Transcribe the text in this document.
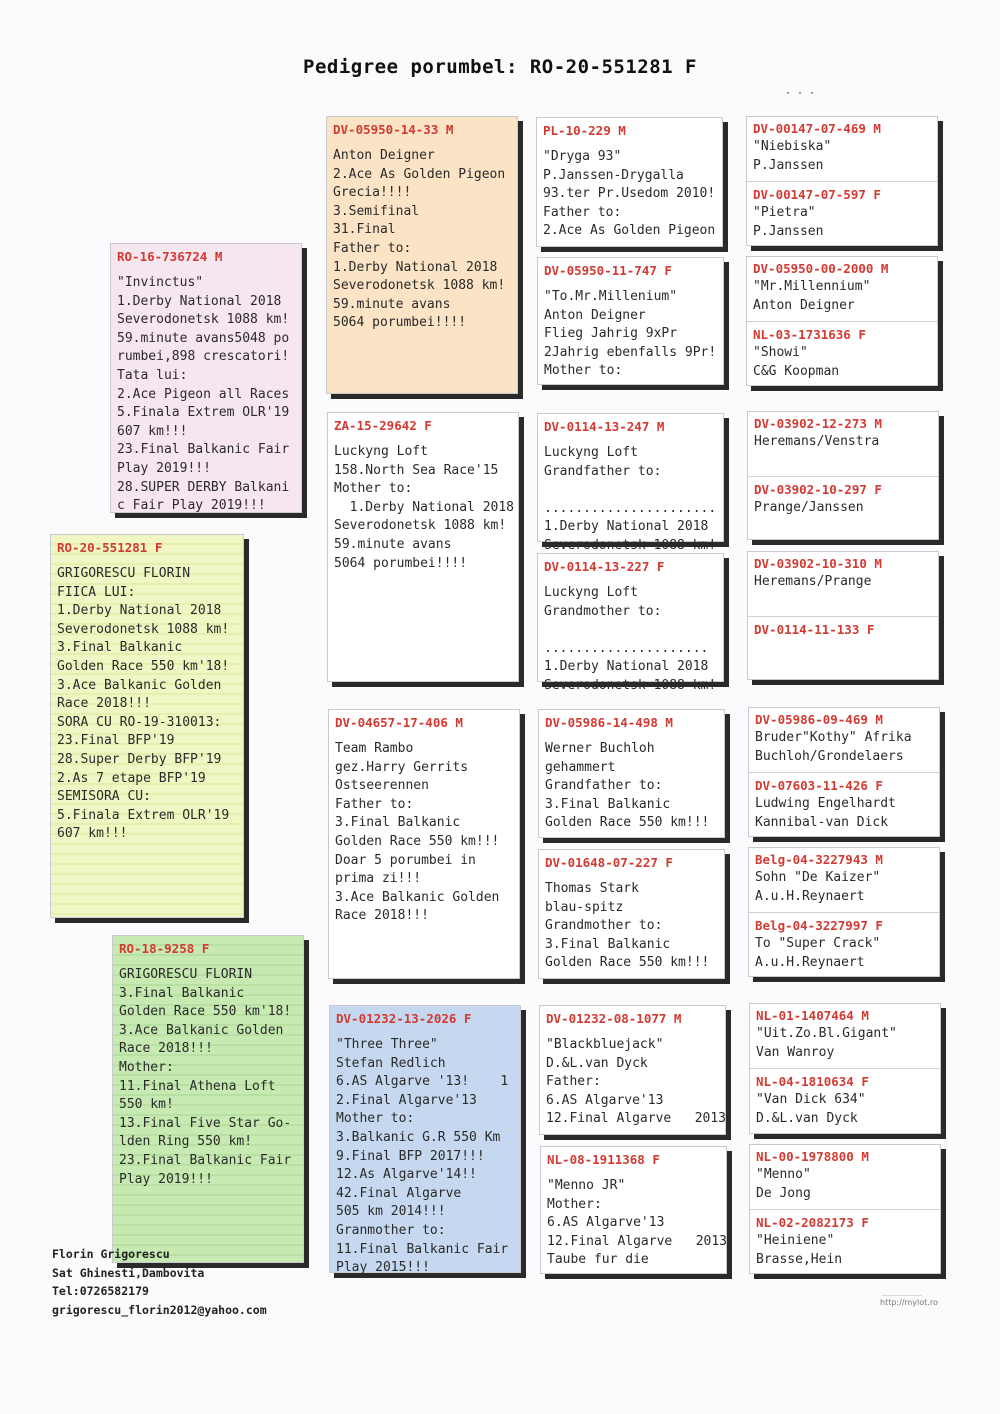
Pedigree porumbel: RO-20-551281 F
· · ·
RO-20-551281 F
GRIGORESCU FLORIN
FIICA LUI:
1.Derby National 2018
Severodonetsk 1088 km!
3.Final Balkanic
Golden Race 550 km'18!
3.Ace Balkanic Golden
Race 2018!!!
SORA CU RO-19-310013:
23.Final BFP'19
28.Super Derby BFP'19
2.As 7 etape BFP'19
SEMISORA CU:
5.Finala Extrem OLR'19
607 km!!!
RO-16-736724 M
"Invinctus"
1.Derby National 2018
Severodonetsk 1088 km!
59.minute avans5048 po
rumbei,898 crescatori!
Tata lui:
2.Ace Pigeon all Races
5.Finala Extrem OLR'19
607 km!!!
23.Final Balkanic Fair
Play 2019!!!
28.SUPER DERBY Balkani
c Fair Play 2019!!!
RO-18-9258 F
GRIGORESCU FLORIN
3.Final Balkanic
Golden Race 550 km'18!
3.Ace Balkanic Golden
Race 2018!!!
Mother:
11.Final Athena Loft
550 km!
13.Final Five Star Go-
lden Ring 550 km!
23.Final Balkanic Fair
Play 2019!!!
DV-05950-14-33 M
Anton Deigner
2.Ace As Golden Pigeon
Grecia!!!!
3.Semifinal
31.Final
Father to:
1.Derby National 2018
Severodonetsk 1088 km!
59.minute avans
5064 porumbei!!!!
ZA-15-29642 F
Luckyng Loft
158.North Sea Race'15
Mother to:
1.Derby National 2018
Severodonetsk 1088 km!
59.minute avans
5064 porumbei!!!!
DV-04657-17-406 M
Team Rambo
gez.Harry Gerrits
Ostseerennen
Father to:
3.Final Balkanic
Golden Race 550 km!!!
Doar 5 porumbei in
prima zi!!!
3.Ace Balkanic Golden
Race 2018!!!
DV-01232-13-2026 F
"Three Three"
Stefan Redlich
6.AS Algarve '13!    1
2.Final Algarve'13
Mother to:
3.Balkanic G.R 550 Km
9.Final BFP 2017!!!
12.As Algarve'14!!
42.Final Algarve
505 km 2014!!!
Granmother to:
11.Final Balkanic Fair
Play 2015!!!
PL-10-229 M
"Dryga 93"
P.Janssen-Drygalla
93.ter Pr.Usedom 2010!
Father to:
2.Ace As Golden Pigeon
DV-05950-11-747 F
"To.Mr.Millenium"
Anton Deigner
Flieg Jahrig 9xPr
2Jahrig ebenfalls 9Pr!
Mother to:
DV-0114-13-247 M
Luckyng Loft
Grandfather to:

......................
1.Derby National 2018
Severodonetsk 1088 km!
DV-0114-13-227 F
Luckyng Loft
Grandmother to:

.....................
1.Derby National 2018
Severodonetsk 1088 km!
DV-05986-14-498 M
Werner Buchloh
gehammert
Grandfather to:
3.Final Balkanic
Golden Race 550 km!!!
DV-01648-07-227 F
Thomas Stark
blau-spitz
Grandmother to:
3.Final Balkanic
Golden Race 550 km!!!
DV-01232-08-1077 M
"Blackbluejack"
D.&L.van Dyck
Father:
6.AS Algarve'13
12.Final Algarve   2013
NL-08-1911368 F
"Menno JR"
Mother:
6.AS Algarve'13
12.Final Algarve   2013
Taube fur die
DV-00147-07-469 M
"Niebiska"
P.Janssen
DV-00147-07-597 F
"Pietra"
P.Janssen
DV-05950-00-2000 M
"Mr.Millennium"
Anton Deigner
NL-03-1731636 F
"Showi"
C&G Koopman
DV-03902-12-273 M
Heremans/Venstra
DV-03902-10-297 F
Prange/Janssen
DV-03902-10-310 M
Heremans/Prange
DV-0114-11-133 F
DV-05986-09-469 M
Bruder"Kothy" Afrika
Buchloh/Grondelaers
DV-07603-11-426 F
Ludwing Engelhardt
Kannibal-van Dick
Belg-04-3227943 M
Sohn "De Kaizer"
A.u.H.Reynaert
Belg-04-3227997 F
To "Super Crack"
A.u.H.Reynaert
NL-01-1407464 M
"Uit.Zo.Bl.Gigant"
Van Wanroy
NL-04-1810634 F
"Van Dick 634"
D.&L.van Dyck
NL-00-1978800 M
"Menno"
De Jong
NL-02-2082173 F
"Heiniene"
Brasse,Hein
Florin Grigorescu
Sat Ghinesti,Dambovita
Tel:0726582179
grigorescu_florin2012@yahoo.com	http://mylot.ro
